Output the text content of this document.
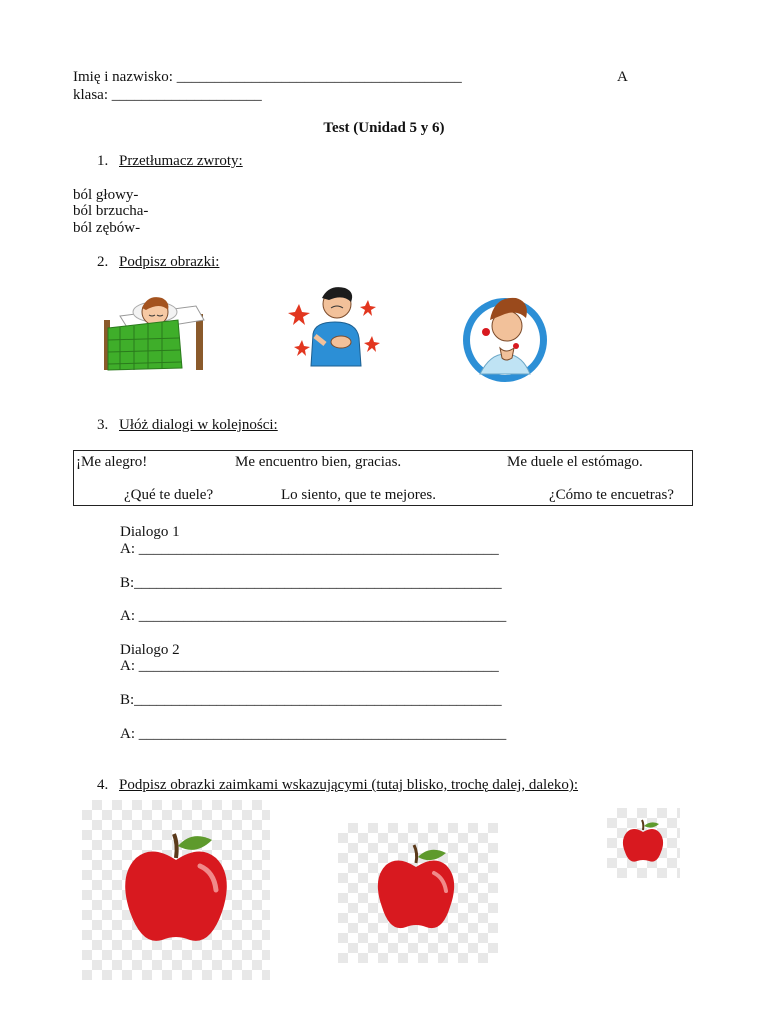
Imię i nazwisko: ______________________________________	A
klasa: ____________________
Test (Unidad 5 y 6)
1. Przetłumacz zwroty:
ból głowy-
ból brzucha-
ból zębów-
2. Podpisz obrazki:
3. Ułóż dialogi w kolejności:
¡Me alegro!	Me encuentro bien, gracias.	Me duele el estómago.
¿Qué te duele?	Lo siento, que te mejores.	¿Cómo te encuetras?
Dialogo 1
A: ________________________________________________
B:_________________________________________________
A: _________________________________________________
Dialogo 2
A: ________________________________________________
B:_________________________________________________
A: _________________________________________________
4. Podpisz obrazki zaimkami wskazującymi (tutaj blisko, trochę dalej, daleko):
